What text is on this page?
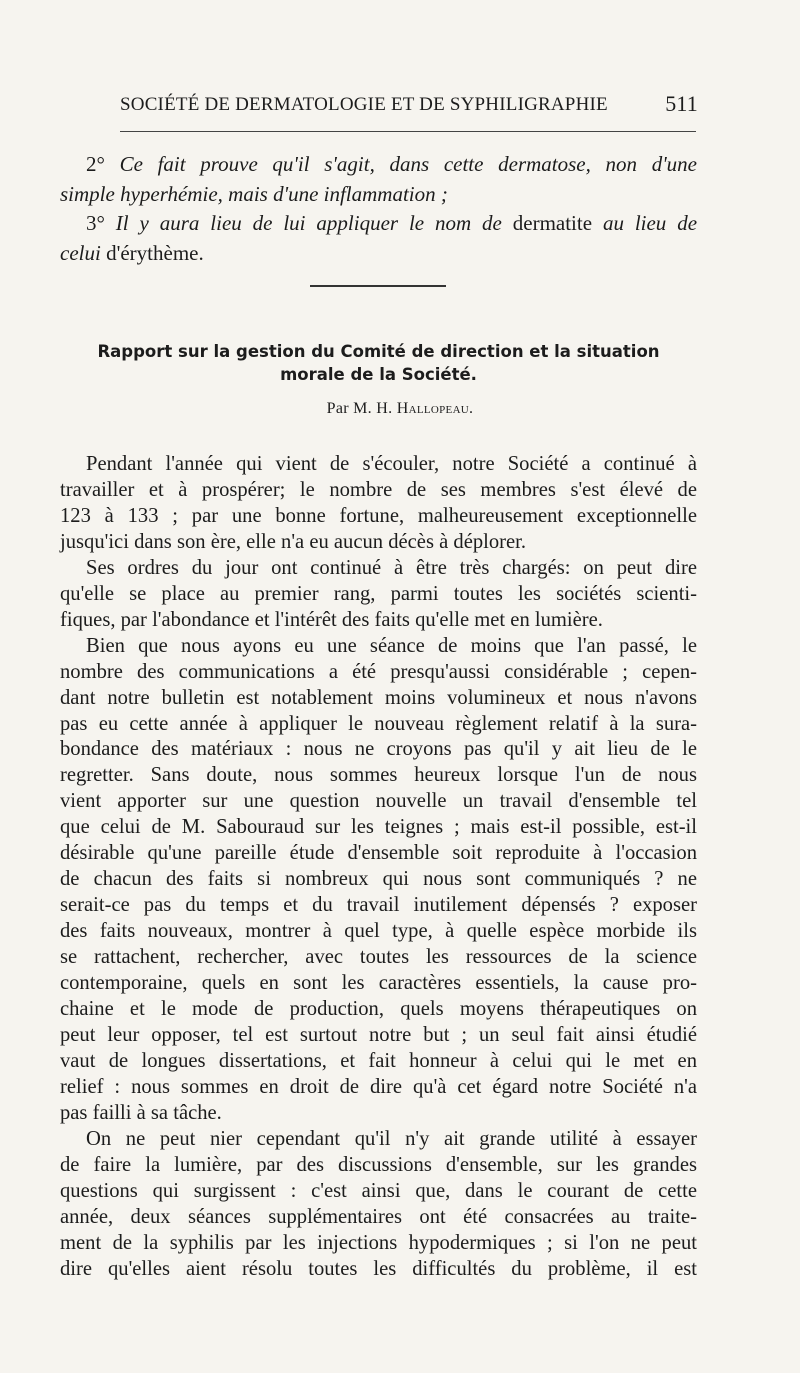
SOCIÉTÉ DE DERMATOLOGIE ET DE SYPHILIGRAPHIE	511

2° Ce fait prouve qu'il s'agit, dans cette dermatose, non d'une

simple hyperhémie, mais d'une inflammation ;

3° Il y aura lieu de lui appliquer le nom de dermatite au lieu de

celui d'érythème.

Rapport sur la gestion du Comité de direction et la situation
morale de la Société.
Par M. H. Hallopeau.

Pendant l'année qui vient de s'écouler, notre Société a continué à

travailler et à prospérer; le nombre de ses membres s'est élevé de

123 à 133 ; par une bonne fortune, malheureusement exceptionnelle

jusqu'ici dans son ère, elle n'a eu aucun décès à déplorer.

Ses ordres du jour ont continué à être très chargés: on peut dire

qu'elle se place au premier rang, parmi toutes les sociétés scienti-

fiques, par l'abondance et l'intérêt des faits qu'elle met en lumière.

Bien que nous ayons eu une séance de moins que l'an passé, le

nombre des communications a été presqu'aussi considérable ; cepen-

dant notre bulletin est notablement moins volumineux et nous n'avons

pas eu cette année à appliquer le nouveau règlement relatif à la sura-

bondance des matériaux : nous ne croyons pas qu'il y ait lieu de le

regretter. Sans doute, nous sommes heureux lorsque l'un de nous

vient apporter sur une question nouvelle un travail d'ensemble tel

que celui de M. Sabouraud sur les teignes ; mais est-il possible, est-il

désirable qu'une pareille étude d'ensemble soit reproduite à l'occasion

de chacun des faits si nombreux qui nous sont communiqués ? ne

serait-ce pas du temps et du travail inutilement dépensés ? exposer

des faits nouveaux, montrer à quel type, à quelle espèce morbide ils

se rattachent, rechercher, avec toutes les ressources de la science

contemporaine, quels en sont les caractères essentiels, la cause pro-

chaine et le mode de production, quels moyens thérapeutiques on

peut leur opposer, tel est surtout notre but ; un seul fait ainsi étudié

vaut de longues dissertations, et fait honneur à celui qui le met en

relief : nous sommes en droit de dire qu'à cet égard notre Société n'a

pas failli à sa tâche.

On ne peut nier cependant qu'il n'y ait grande utilité à essayer

de faire la lumière, par des discussions d'ensemble, sur les grandes

questions qui surgissent : c'est ainsi que, dans le courant de cette

année, deux séances supplémentaires ont été consacrées au traite-

ment de la syphilis par les injections hypodermiques ; si l'on ne peut

dire qu'elles aient résolu toutes les difficultés du problème, il est
